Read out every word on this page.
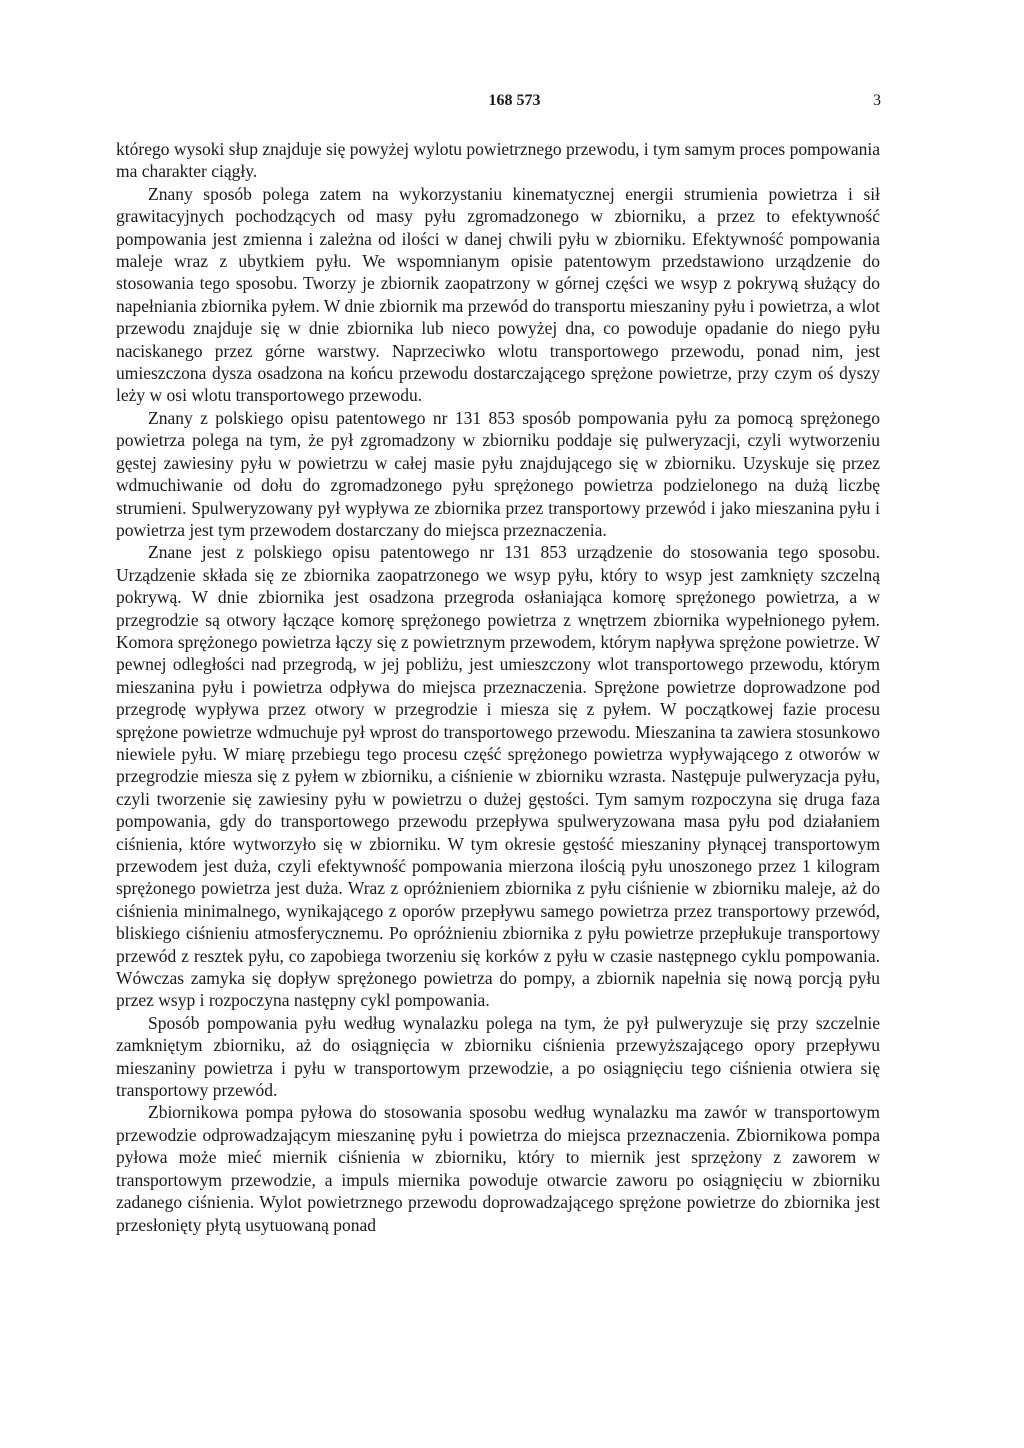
168 573	3

którego wysoki słup znajduje się powyżej wylotu powietrznego przewodu, i tym samym proces pompowania ma charakter ciągły.

Znany sposób polega zatem na wykorzystaniu kinematycznej energii strumienia powietrza i sił grawitacyjnych pochodzących od masy pyłu zgromadzonego w zbiorniku, a przez to efektywność pompowania jest zmienna i zależna od ilości w danej chwili pyłu w zbiorniku. Efektywność pompowania maleje wraz z ubytkiem pyłu. We wspomnianym opisie patentowym przedstawiono urządzenie do stosowania tego sposobu. Tworzy je zbiornik zaopatrzony w górnej części we wsyp z pokrywą służący do napełniania zbiornika pyłem. W dnie zbiornik ma przewód do transportu mieszaniny pyłu i powietrza, a wlot przewodu znajduje się w dnie zbiornika lub nieco powyżej dna, co powoduje opadanie do niego pyłu naciskanego przez górne warstwy. Naprzeciwko wlotu transportowego przewodu, ponad nim, jest umieszczona dysza osadzona na końcu przewodu dostarczającego sprężone powietrze, przy czym oś dyszy leży w osi wlotu transportowego przewodu.

Znany z polskiego opisu patentowego nr 131 853 sposób pompowania pyłu za pomocą sprężonego powietrza polega na tym, że pył zgromadzony w zbiorniku poddaje się pulweryzacji, czyli wytworzeniu gęstej zawiesiny pyłu w powietrzu w całej masie pyłu znajdującego się w zbiorniku. Uzyskuje się przez wdmuchiwanie od dołu do zgromadzonego pyłu sprężonego powietrza podzielonego na dużą liczbę strumieni. Spulweryzowany pył wypływa ze zbiornika przez transportowy przewód i jako mieszanina pyłu i powietrza jest tym przewodem dostarczany do miejsca przeznaczenia.

Znane jest z polskiego opisu patentowego nr 131 853 urządzenie do stosowania tego sposobu. Urządzenie składa się ze zbiornika zaopatrzonego we wsyp pyłu, który to wsyp jest zamknięty szczelną pokrywą. W dnie zbiornika jest osadzona przegroda osłaniająca komorę sprężonego powietrza, a w przegrodzie są otwory łączące komorę sprężonego powietrza z wnętrzem zbiornika wypełnionego pyłem. Komora sprężonego powietrza łączy się z powietrznym przewodem, którym napływa sprężone powietrze. W pewnej odległości nad przegrodą, w jej pobliżu, jest umieszczony wlot transportowego przewodu, którym mieszanina pyłu i powietrza odpływa do miejsca przeznaczenia. Sprężone powietrze doprowadzone pod przegrodę wypływa przez otwory w przegrodzie i miesza się z pyłem. W początkowej fazie procesu sprężone powietrze wdmuchuje pył wprost do transportowego przewodu. Mieszanina ta zawiera stosunkowo niewiele pyłu. W miarę przebiegu tego procesu część sprężonego powietrza wypływającego z otworów w przegrodzie miesza się z pyłem w zbiorniku, a ciśnienie w zbiorniku wzrasta. Następuje pulweryzacja pyłu, czyli tworzenie się zawiesiny pyłu w powietrzu o dużej gęstości. Tym samym rozpoczyna się druga faza pompowania, gdy do transportowego przewodu przepływa spulweryzowana masa pyłu pod działaniem ciśnienia, które wytworzyło się w zbiorniku. W tym okresie gęstość mieszaniny płynącej transportowym przewodem jest duża, czyli efektywność pompowania mierzona ilością pyłu unoszonego przez 1 kilogram sprężonego powietrza jest duża. Wraz z opróżnieniem zbiornika z pyłu ciśnienie w zbiorniku maleje, aż do ciśnienia minimalnego, wynikającego z oporów przepływu samego powietrza przez transportowy przewód, bliskiego ciśnieniu atmosferycznemu. Po opróżnieniu zbiornika z pyłu powietrze przepłukuje transportowy przewód z resztek pyłu, co zapobiega tworzeniu się korków z pyłu w czasie następnego cyklu pompowania. Wówczas zamyka się dopływ sprężonego powietrza do pompy, a zbiornik napełnia się nową porcją pyłu przez wsyp i rozpoczyna następny cykl pompowania.

Sposób pompowania pyłu według wynalazku polega na tym, że pył pulweryzuje się przy szczelnie zamkniętym zbiorniku, aż do osiągnięcia w zbiorniku ciśnienia przewyższającego opory przepływu mieszaniny powietrza i pyłu w transportowym przewodzie, a po osiągnięciu tego ciśnienia otwiera się transportowy przewód.

Zbiornikowa pompa pyłowa do stosowania sposobu według wynalazku ma zawór w transportowym przewodzie odprowadzającym mieszaninę pyłu i powietrza do miejsca przeznaczenia. Zbiornikowa pompa pyłowa może mieć miernik ciśnienia w zbiorniku, który to miernik jest sprzężony z zaworem w transportowym przewodzie, a impuls miernika powoduje otwarcie zaworu po osiągnięciu w zbiorniku zadanego ciśnienia. Wylot powietrznego przewodu doprowadzającego sprężone powietrze do zbiornika jest przesłonięty płytą usytuowaną ponad
